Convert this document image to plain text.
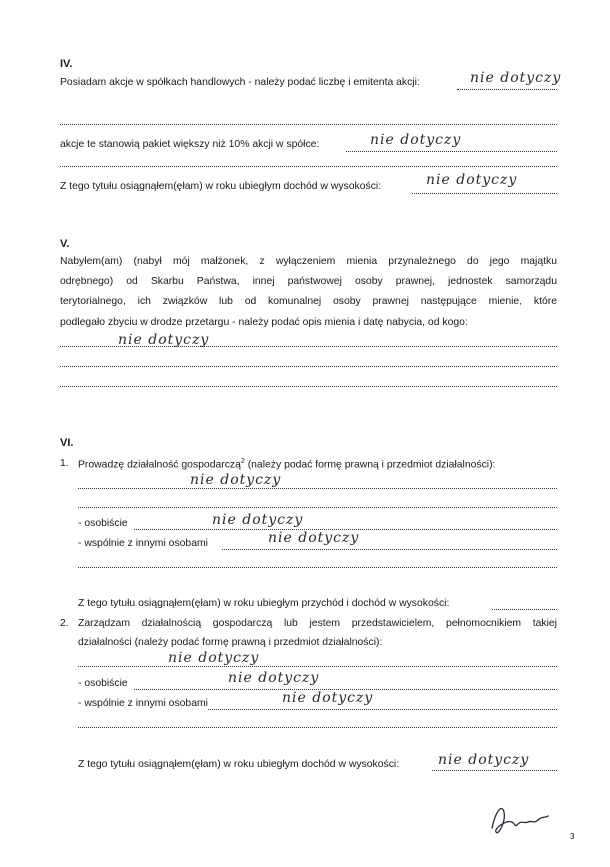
IV.
Posiadam akcje w spółkach handlowych - należy podać liczbę i emitenta akcji:	nie dotyczy
akcje te stanowią pakiet większy niż 10% akcji w spółce:	nie dotyczy
Z tego tytułu osiągnąłem(ęłam) w roku ubiegłym dochód w wysokości:	nie dotyczy
V.
Nabyłem(am) (nabył mój małżonek, z wyłączeniem mienia przynależnego do jego majątku
odrębnego) od Skarbu Państwa, innej państwowej osoby prawnej, jednostek samorządu
terytorialnego, ich związków lub od komunalnej osoby prawnej następujące mienie, które
podlegało zbyciu w drodze przetargu - należy podać opis mienia i datę nabycia, od kogo:
nie dotyczy
VI.
1. Prowadzę działalność gospodarczą$^2$ (należy podać formę prawną i przedmiot działalności):
nie dotyczy
- osobiście	nie dotyczy
- wspólnie z innymi osobami	nie dotyczy
Z tego tytułu osiągnąłem(ęłam) w roku ubiegłym przychód i dochód w wysokości:
2. Zarządzam działalnością gospodarczą lub jestem przedstawicielem, pełnomocnikiem takiej
działalności (należy podać formę prawną i przedmiot działalności):
nie dotyczy
- osobiście	nie dotyczy
- wspólnie z innymi osobami	nie dotyczy
Z tego tytułu osiągnąłem(ęłam) w roku ubiegłym dochód w wysokości:	nie dotyczy
3
